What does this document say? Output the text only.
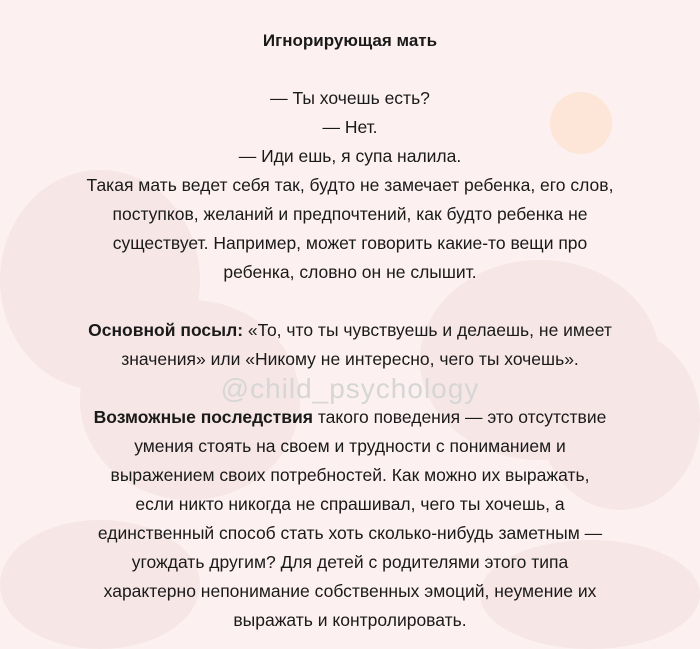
Игнорирующая мать
— Ты хочешь есть?
— Нет.
— Иди ешь, я супа налила.
Такая мать ведет себя так, будто не замечает ребенка, его слов,
поступков, желаний и предпочтений, как будто ребенка не
существует. Например, может говорить какие-то вещи про
ребенка, словно он не слышит.
Основной посыл: «То, что ты чувствуешь и делаешь, не имеет
значения» или «Никому не интересно, чего ты хочешь».
@child_psychology
Возможные последствия такого поведения — это отсутствие
умения стоять на своем и трудности с пониманием и
выражением своих потребностей. Как можно их выражать,
если никто никогда не спрашивал, чего ты хочешь, а
единственный способ стать хоть сколько-нибудь заметным —
угождать другим? Для детей с родителями этого типа
характерно непонимание собственных эмоций, неумение их
выражать и контролировать.
